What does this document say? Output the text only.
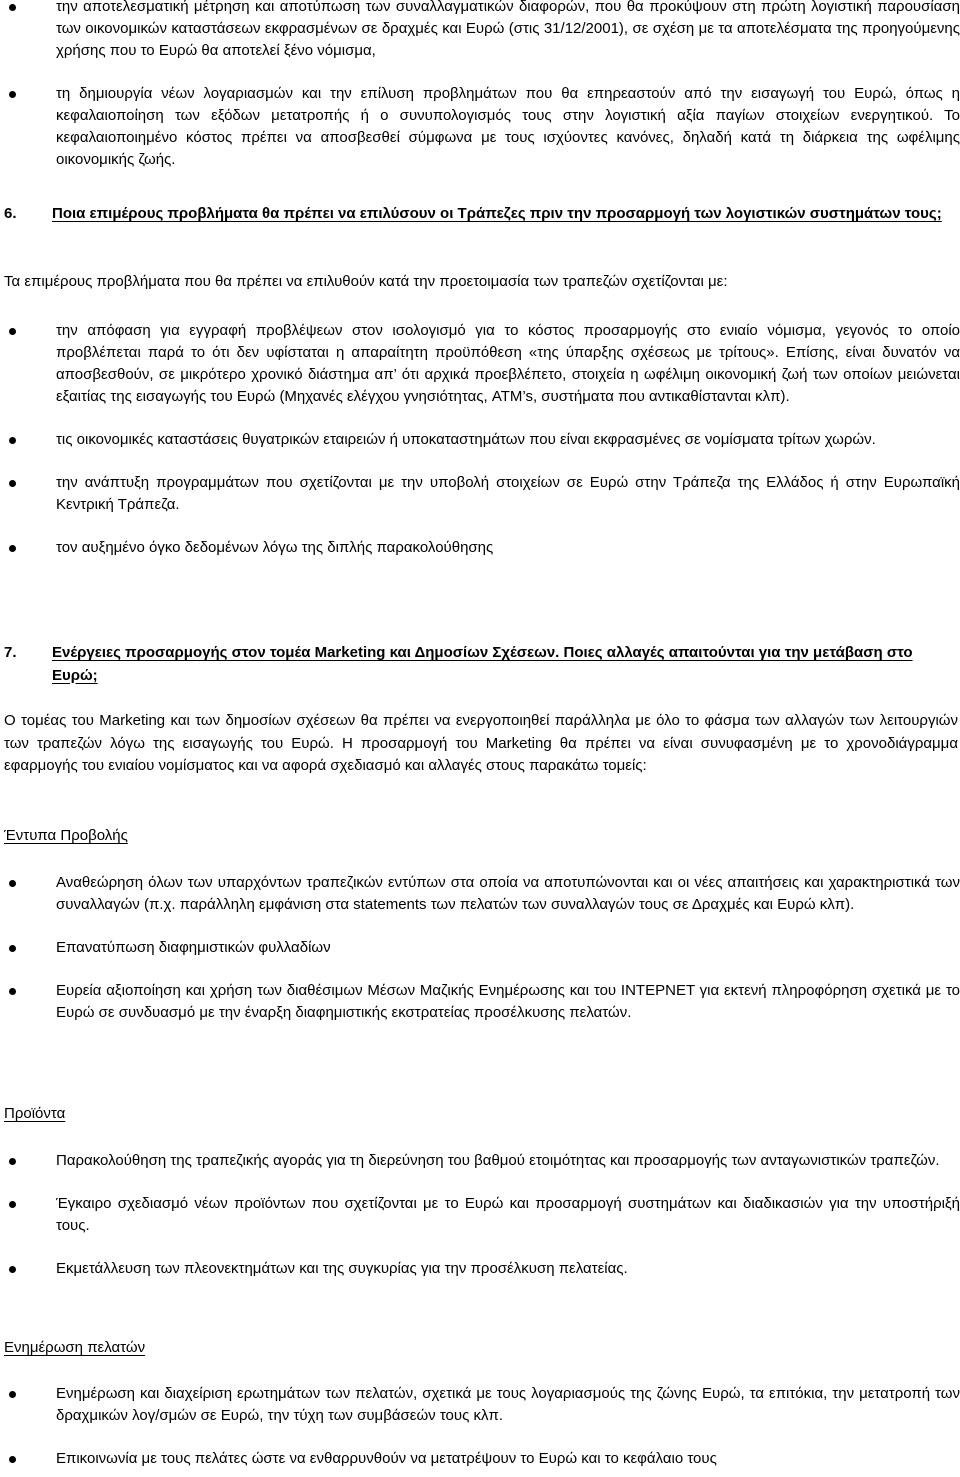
την αποτελεσματική μέτρηση και αποτύπωση των συναλλαγματικών διαφορών, που θα προκύψουν στη πρώτη λογιστική παρουσίαση των οικονομικών καταστάσεων εκφρασμένων σε δραχμές και Ευρώ (στις 31/12/2001), σε σχέση με τα αποτελέσματα της προηγούμενης χρήσης που το Ευρώ θα αποτελεί ξένο νόμισμα,
τη δημιουργία νέων λογαριασμών και την επίλυση προβλημάτων που θα επηρεαστούν από την εισαγωγή του Ευρώ, όπως η κεφαλαιοποίηση των εξόδων μετατροπής ή ο συνυπολογισμός τους στην λογιστική αξία παγίων στοιχείων ενεργητικού. Το κεφαλαιοποιημένο κόστος πρέπει να αποσβεσθεί σύμφωνα με τους ισχύοντες κανόνες, δηλαδή κατά τη διάρκεια της ωφέλιμης οικονομικής ζωής.
6.	Ποια επιμέρους προβλήματα θα πρέπει να επιλύσουν οι Τράπεζες πριν την προσαρμογή των λογιστικών συστημάτων τους;

Τα επιμέρους προβλήματα που θα πρέπει να επιλυθούν κατά την προετοιμασία των τραπεζών σχετίζονται με:

την απόφαση για εγγραφή προβλέψεων στον ισολογισμό για το κόστος προσαρμογής στο ενιαίο νόμισμα, γεγονός το οποίο προβλέπεται παρά το ότι δεν υφίσταται η απαραίτητη προϋπόθεση «της ύπαρξης σχέσεως με τρίτους». Επίσης, είναι δυνατόν να αποσβεσθούν, σε μικρότερο χρονικό διάστημα απ’ ότι αρχικά προεβλέπετο, στοιχεία η ωφέλιμη οικονομική ζωή των οποίων μειώνεται εξαιτίας της εισαγωγής του Ευρώ (Μηχανές ελέγχου γνησιότητας, ATM’s, συστήματα που αντικαθίστανται κλπ).
τις οικονομικές καταστάσεις θυγατρικών εταιρειών ή υποκαταστημάτων που είναι εκφρασμένες σε νομίσματα τρίτων χωρών.
την ανάπτυξη προγραμμάτων που σχετίζονται με την υποβολή στοιχείων σε Ευρώ στην Τράπεζα της Ελλάδος ή στην Ευρωπαϊκή Κεντρική Τράπεζα.
τον αυξημένο όγκο δεδομένων λόγω της διπλής παρακολούθησης
7.	Ενέργειες προσαρμογής στον τομέα Marketing και Δημοσίων Σχέσεων. Ποιες αλλαγές απαιτούνται για την μετάβαση στο Ευρώ;

Ο τομέας του Marketing και των δημοσίων σχέσεων θα πρέπει να ενεργοποιηθεί παράλληλα με όλο το φάσμα των αλλαγών των λειτουργιών των τραπεζών λόγω της εισαγωγής του Ευρώ. Η προσαρμογή του Marketing θα πρέπει να είναι συνυφασμένη με το χρονοδιάγραμμα εφαρμογής του ενιαίου νομίσματος και να αφορά σχεδιασμό και αλλαγές στους παρακάτω τομείς:

Έντυπα Προβολής
Αναθεώρηση όλων των υπαρχόντων τραπεζικών εντύπων στα οποία να αποτυπώνονται και οι νέες απαιτήσεις και χαρακτηριστικά των συναλλαγών (π.χ. παράλληλη εμφάνιση στα statements των πελατών των συναλλαγών τους σε Δραχμές και Ευρώ κλπ).
Επανατύπωση διαφημιστικών φυλλαδίων
Ευρεία αξιοποίηση και χρήση των διαθέσιμων Μέσων Μαζικής Ενημέρωσης και του ΙΝΤΕΡΝΕΤ για εκτενή πληροφόρηση σχετικά με το Ευρώ σε συνδυασμό με την έναρξη διαφημιστικής εκστρατείας προσέλκυσης πελατών.
Προϊόντα
Παρακολούθηση της τραπεζικής αγοράς για τη διερεύνηση του βαθμού ετοιμότητας και προσαρμογής των ανταγωνιστικών τραπεζών.
Έγκαιρο σχεδιασμό νέων προϊόντων που σχετίζονται με το Ευρώ και προσαρμογή συστημάτων και διαδικασιών για την υποστήριξή τους.
Εκμετάλλευση των πλεονεκτημάτων και της συγκυρίας για την προσέλκυση πελατείας.
Ενημέρωση πελατών
Ενημέρωση και διαχείριση ερωτημάτων των πελατών, σχετικά με τους λογαριασμούς της ζώνης Ευρώ, τα επιτόκια, την μετατροπή των δραχμικών λογ/σμών σε Ευρώ, την τύχη των συμβάσεών τους κλπ.
Επικοινωνία με τους πελάτες ώστε να ενθαρρυνθούν να μετατρέψουν το Ευρώ και το κεφάλαιο τους
